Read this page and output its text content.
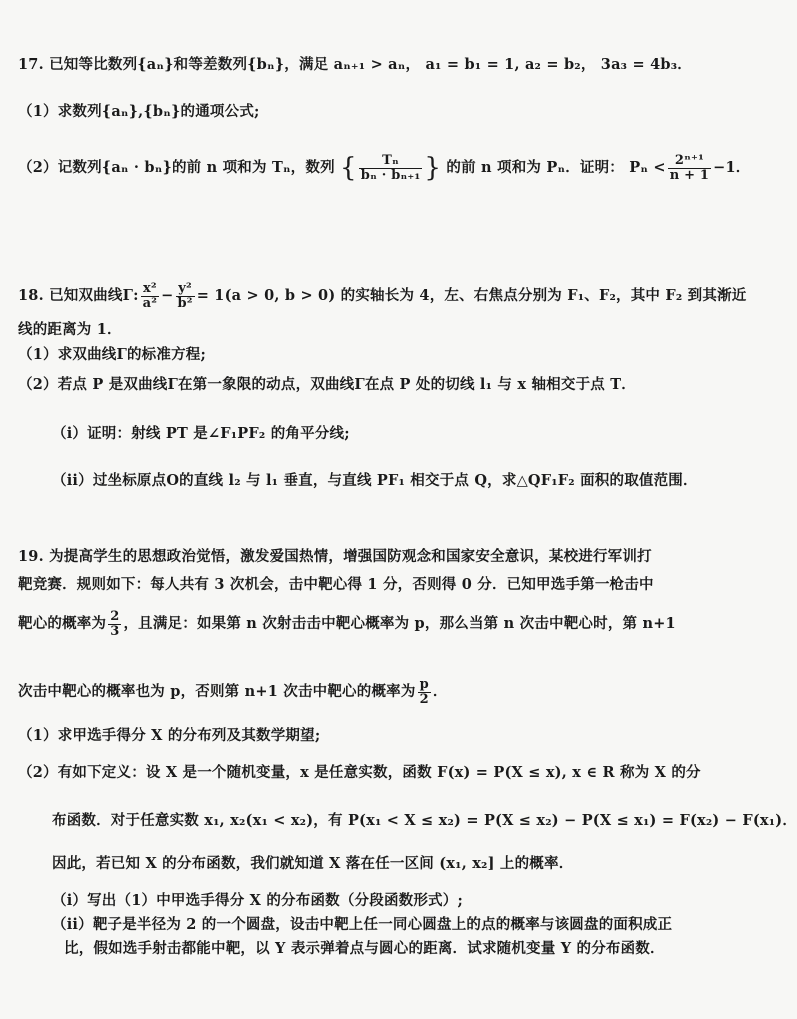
17. 已知等比数列{aₙ}和等差数列{bₙ}，满足 aₙ₊₁ > aₙ， a₁ = b₁ = 1, a₂ = b₂， 3a₃ = 4b₃．
（1）求数列{aₙ},{bₙ}的通项公式;
（2）记数列{aₙ · bₙ}的前 n 项和为 Tₙ，数列 { $\frac{\text{Tₙ}}{\text{bₙ · bₙ₊₁}}$ } 的前 n 项和为 Pₙ．证明： $P_n < \frac{\text{2ⁿ⁺¹}}{n + 1} -1$．
18. 已知双曲线Γ: $\frac{\text{x²}}{\text{a²}} - \frac{\text{y²}}{\text{b²}} = 1(a > 0$, b > 0) 的实轴长为 4，左、右焦点分别为 F₁、F₂，其中 F₂ 到其渐近
线的距离为 1．
（1）求双曲线Γ的标准方程;
（2）若点 P 是双曲线Γ在第一象限的动点，双曲线Γ在点 P 处的切线 l₁ 与 x 轴相交于点 T．
（i）证明：射线 PT 是∠F₁PF₂ 的角平分线;
（ii）过坐标原点O的直线 l₂ 与 l₁ 垂直，与直线 PF₁ 相交于点 Q，求△QF₁F₂ 面积的取值范围．
19. 为提高学生的思想政治觉悟，激发爱国热情，增强国防观念和国家安全意识，某校进行军训打
靶竞赛．规则如下：每人共有 3 次机会，击中靶心得 1 分，否则得 0 分．已知甲选手第一枪击中
靶心的概率为 $\frac{2}{3}$ ，且满足：如果第 n 次射击击中靶心概率为 p，那么当第 n 次击中靶心时，第 n+1
次击中靶心的概率也为 p，否则第 n+1 次击中靶心的概率为 $\frac{p}{2}$ ．
（1）求甲选手得分 X 的分布列及其数学期望;
（2）有如下定义：设 X 是一个随机变量，x 是任意实数，函数 F(x) = P(X ≤ x), x ∈ R 称为 X 的分
布函数．对于任意实数 x₁, x₂(x₁ < x₂)，有 P(x₁ < X ≤ x₂) = P(X ≤ x₂) − P(X ≤ x₁) = F(x₂) − F(x₁)．
因此，若已知 X 的分布函数，我们就知道 X 落在任一区间 (x₁, x₂] 上的概率．
（i）写出（1）中甲选手得分 X 的分布函数（分段函数形式）;
（ii）靶子是半径为 2 的一个圆盘，设击中靶上任一同心圆盘上的点的概率与该圆盘的面积成正
比，假如选手射击都能中靶，以 Y 表示弹着点与圆心的距离．试求随机变量 Y 的分布函数．
